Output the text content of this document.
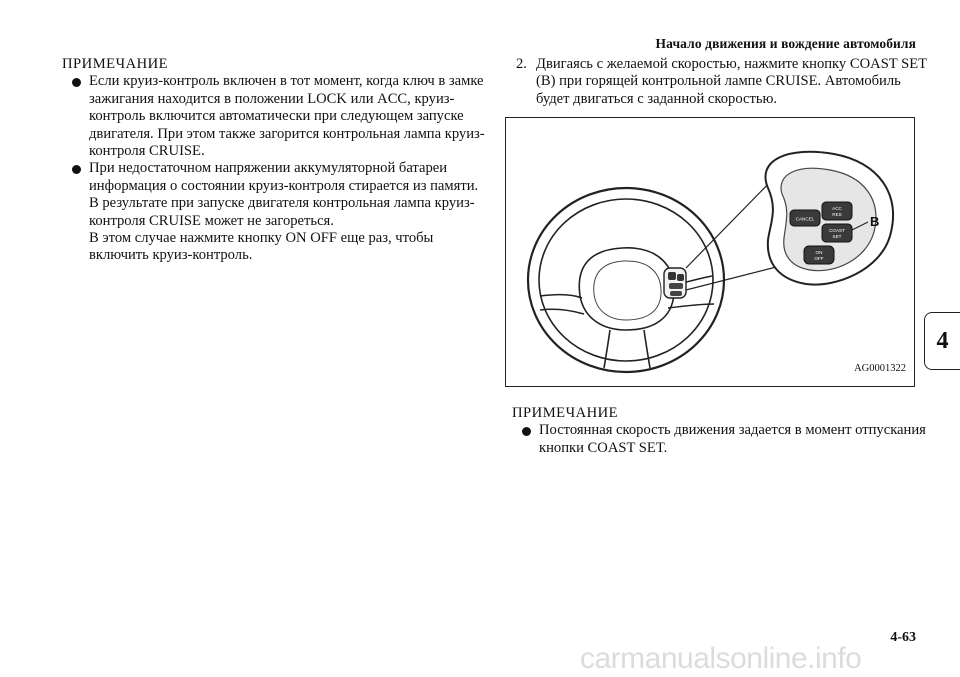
Начало движения и вождение автомобиля

ПРИМЕЧАНИЕ

Если круиз-контроль включен в тот момент, когда ключ в замке
зажигания находится в положении LOCK или ACC, круиз-
контроль включится автоматически при следующем запуске
двигателя. При этом также загорится контрольная лампа круиз-
контроля CRUISE.
При недостаточном напряжении аккумуляторной батареи
информация о состоянии круиз-контроля стирается из памяти.
В результате при запуске двигателя контрольная лампа круиз-
контроля CRUISE может не загореться.
В этом случае нажмите кнопку ON OFF еще раз, чтобы
включить круиз-контроль.
2. Двигаясь с желаемой скоростью, нажмите кнопку COAST SET
(B) при горящей контрольной лампе CRUISE. Автомобиль
будет двигаться с заданной скоростью.
CANCEL
ACC
RES
COAST
SET
ON
OFF
B
AG0001322

ПРИМЕЧАНИЕ

Постоянная скорость движения задается в момент отпускания
кнопки COAST SET.
4
4-63
carmanualsonline.info
